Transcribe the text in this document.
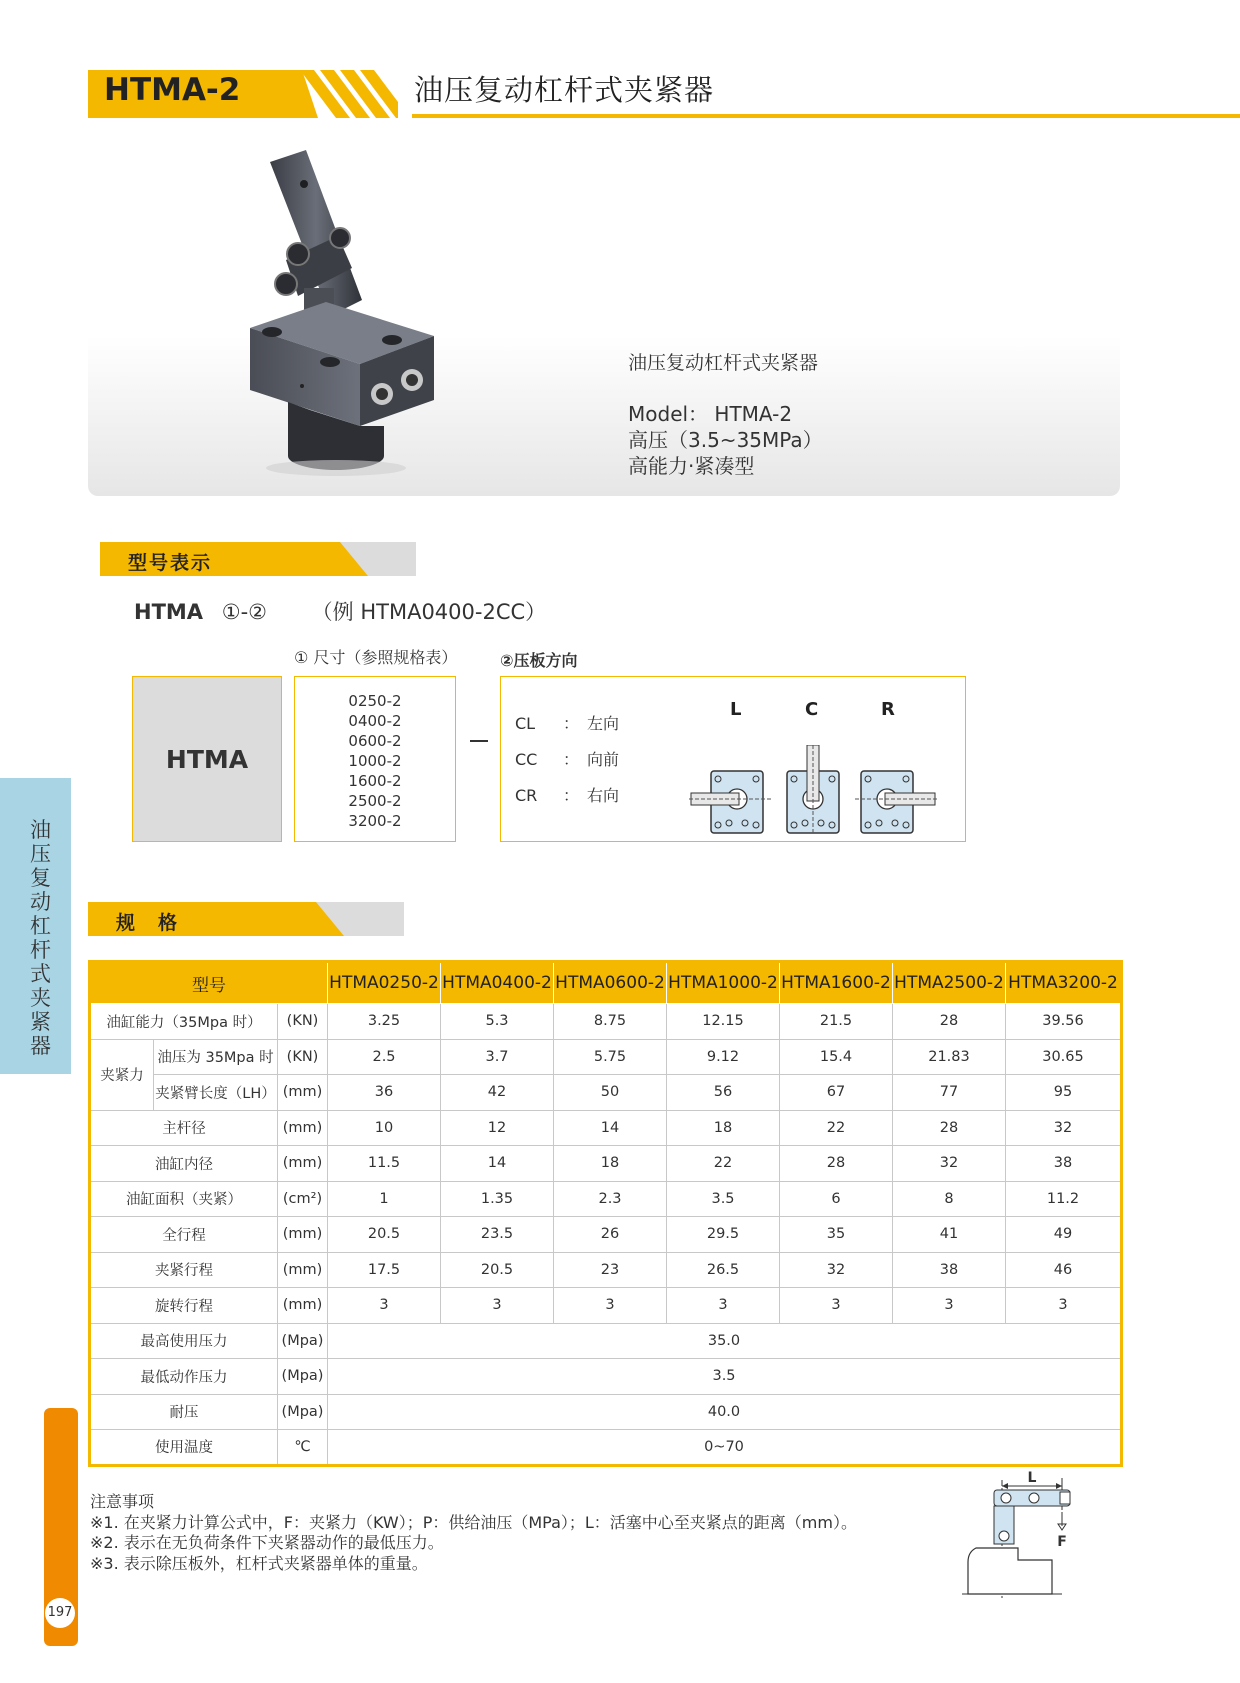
HTMA-2	油压复动杠杆式夹紧器
油压复动杠杆式夹紧器
Model： HTMA-2
高压（3.5~35MPa）
高能力·紧凑型
型号表示
HTMA ①-② （例 HTMA0400-2CC）
① 尺寸（参照规格表）	②压板方向
HTMA
0250-2
0400-2
0600-2
1000-2
1600-2
2500-2
3200-2
CL ： 左向
CC ： 向前
CR ： 右向
L	C	R
油压复动杠杆式夹紧器
WWW.FENG-ZHOU.COM
197
规　格
型号			HTMA0250-2	HTMA0400-2	HTMA0600-2	HTMA1000-2	HTMA1600-2	HTMA2500-2	HTMA3200-2
油缸能力（35Mpa 时）		(KN)	3.25	5.3	8.75	12.15	21.5	28	39.56
夹紧力	油压为 35Mpa 时	(KN)	2.5	3.7	5.75	9.12	15.4	21.83	30.65
	夹紧臂长度（LH）	(mm)	36	42	50	56	67	77	95
主杆径		(mm)	10	12	14	18	22	28	32
油缸内径		(mm)	11.5	14	18	22	28	32	38
油缸面积（夹紧）		(cm²)	1	1.35	2.3	3.5	6	8	11.2
全行程		(mm)	20.5	23.5	26	29.5	35	41	49
夹紧行程		(mm)	17.5	20.5	23	26.5	32	38	46
旋转行程		(mm)	3	3	3	3	3	3	3
最高使用压力		(Mpa)	35.0						
最低动作压力		(Mpa)	3.5						
耐压		(Mpa)	40.0						
使用温度		℃	0~70						
注意事项
※1. 在夹紧力计算公式中，F：夹紧力（KW）；P：供给油压（MPa）；L：活塞中心至夹紧点的距离（mm）。
※2. 表示在无负荷条件下夹紧器动作的最低压力。
※3. 表示除压板外，杠杆式夹紧器单体的重量。
L
F
